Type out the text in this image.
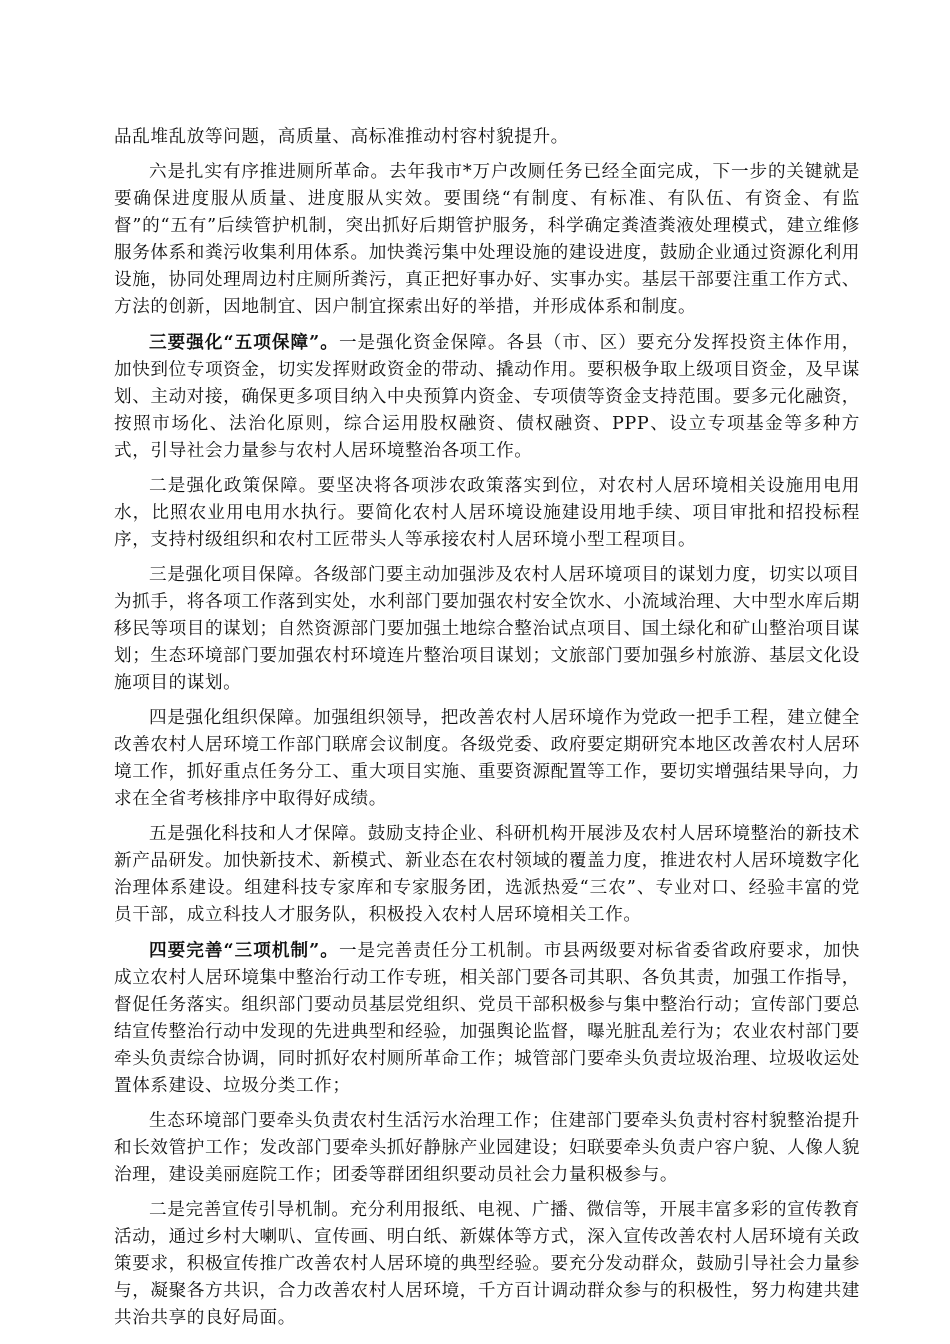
品乱堆乱放等问题，高质量、高标准推动村容村貌提升。

六是扎实有序推进厕所革命。去年我市*万户改厕任务已经全面完成，下一步的关键就是要确保进度服从质量、进度服从实效。要围绕“有制度、有标准、有队伍、有资金、有监督”的“五有”后续管护机制，突出抓好后期管护服务，科学确定粪渣粪液处理模式，建立维修服务体系和粪污收集利用体系。加快粪污集中处理设施的建设进度，鼓励企业通过资源化利用设施，协同处理周边村庄厕所粪污，真正把好事办好、实事办实。基层干部要注重工作方式、方法的创新，因地制宜、因户制宜探索出好的举措，并形成体系和制度。

三要强化“五项保障”。一是强化资金保障。各县（市、区）要充分发挥投资主体作用，加快到位专项资金，切实发挥财政资金的带动、撬动作用。要积极争取上级项目资金，及早谋划、主动对接，确保更多项目纳入中央预算内资金、专项债等资金支持范围。要多元化融资，按照市场化、法治化原则，综合运用股权融资、债权融资、PPP、设立专项基金等多种方式，引导社会力量参与农村人居环境整治各项工作。

二是强化政策保障。要坚决将各项涉农政策落实到位，对农村人居环境相关设施用电用水，比照农业用电用水执行。要简化农村人居环境设施建设用地手续、项目审批和招投标程序，支持村级组织和农村工匠带头人等承接农村人居环境小型工程项目。

三是强化项目保障。各级部门要主动加强涉及农村人居环境项目的谋划力度，切实以项目为抓手，将各项工作落到实处，水利部门要加强农村安全饮水、小流域治理、大中型水库后期移民等项目的谋划；自然资源部门要加强土地综合整治试点项目、国土绿化和矿山整治项目谋划；生态环境部门要加强农村环境连片整治项目谋划；文旅部门要加强乡村旅游、基层文化设施项目的谋划。

四是强化组织保障。加强组织领导，把改善农村人居环境作为党政一把手工程，建立健全改善农村人居环境工作部门联席会议制度。各级党委、政府要定期研究本地区改善农村人居环境工作，抓好重点任务分工、重大项目实施、重要资源配置等工作，要切实增强结果导向，力求在全省考核排序中取得好成绩。

五是强化科技和人才保障。鼓励支持企业、科研机构开展涉及农村人居环境整治的新技术新产品研发。加快新技术、新模式、新业态在农村领域的覆盖力度，推进农村人居环境数字化治理体系建设。组建科技专家库和专家服务团，选派热爱“三农”、专业对口、经验丰富的党员干部，成立科技人才服务队，积极投入农村人居环境相关工作。

四要完善“三项机制”。一是完善责任分工机制。市县两级要对标省委省政府要求，加快成立农村人居环境集中整治行动工作专班，相关部门要各司其职、各负其责，加强工作指导，督促任务落实。组织部门要动员基层党组织、党员干部积极参与集中整治行动；宣传部门要总结宣传整治行动中发现的先进典型和经验，加强舆论监督，曝光脏乱差行为；农业农村部门要牵头负责综合协调，同时抓好农村厕所革命工作；城管部门要牵头负责垃圾治理、垃圾收运处置体系建设、垃圾分类工作；

生态环境部门要牵头负责农村生活污水治理工作；住建部门要牵头负责村容村貌整治提升和长效管护工作；发改部门要牵头抓好静脉产业园建设；妇联要牵头负责户容户貌、人像人貌治理，建设美丽庭院工作；团委等群团组织要动员社会力量积极参与。

二是完善宣传引导机制。充分利用报纸、电视、广播、微信等，开展丰富多彩的宣传教育活动，通过乡村大喇叭、宣传画、明白纸、新媒体等方式，深入宣传改善农村人居环境有关政策要求，积极宣传推广改善农村人居环境的典型经验。要充分发动群众，鼓励引导社会力量参与，凝聚各方共识，合力改善农村人居环境，千方百计调动群众参与的积极性，努力构建共建共治共享的良好局面。
